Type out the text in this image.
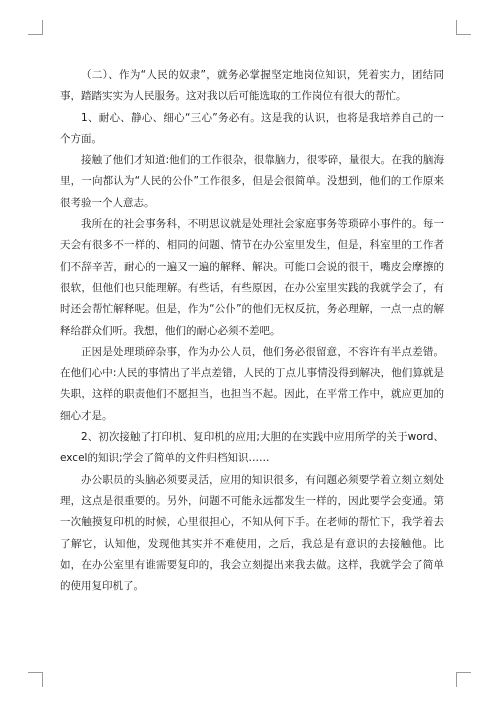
（二）、作为“人民的奴隶”，就务必掌握坚定地岗位知识，凭着实力，团结同事，踏踏实实为人民服务。这对我以后可能选取的工作岗位有很大的帮忙。

1、耐心、静心、细心“三心”务必有。这是我的认识，也将是我培养自己的一个方面。

接触了他们才知道:他们的工作很杂，很靠脑力，很零碎，量很大。在我的脑海里，一向都认为“人民的公仆”工作很多，但是会很简单。没想到，他们的工作原来很考验一个人意志。

我所在的社会事务科，不明思议就是处理社会家庭事务等琐碎小事件的。每一天会有很多不一样的、相同的问题、情节在办公室里发生，但是，科室里的工作者们不辞辛苦，耐心的一遍又一遍的解释、解决。可能口会说的很干，嘴皮会摩擦的很软，但他们也只能理解。有些话，有些原因，在办公室里实践的我就学会了，有时还会帮忙解释呢。但是，作为“公仆”的他们无权反抗，务必理解，一点一点的解释给群众们听。我想，他们的耐心必须不差吧。

正因是处理琐碎杂事，作为办公人员，他们务必很留意，不容许有半点差错。在他们心中:人民的事情出了半点差错，人民的丁点儿事情没得到解决，他们算就是失职，这样的职责他们不愿担当，也担当不起。因此，在平常工作中，就应更加的细心才是。

2、初次接触了打印机、复印机的应用;大胆的在实践中应用所学的关于word、excel的知识;学会了简单的文件归档知识……

办公职员的头脑必须要灵活，应用的知识很多，有问题必须要学着立刻立刻处理，这点是很重要的。另外，问题不可能永远都发生一样的，因此要学会变通。第一次触摸复印机的时候，心里很担心，不知从何下手。在老师的帮忙下，我学着去了解它，认知他，发现他其实并不难使用，之后，我总是有意识的去接触他。比如，在办公室里有谁需要复印的，我会立刻提出来我去做。这样，我就学会了简单的使用复印机了。
